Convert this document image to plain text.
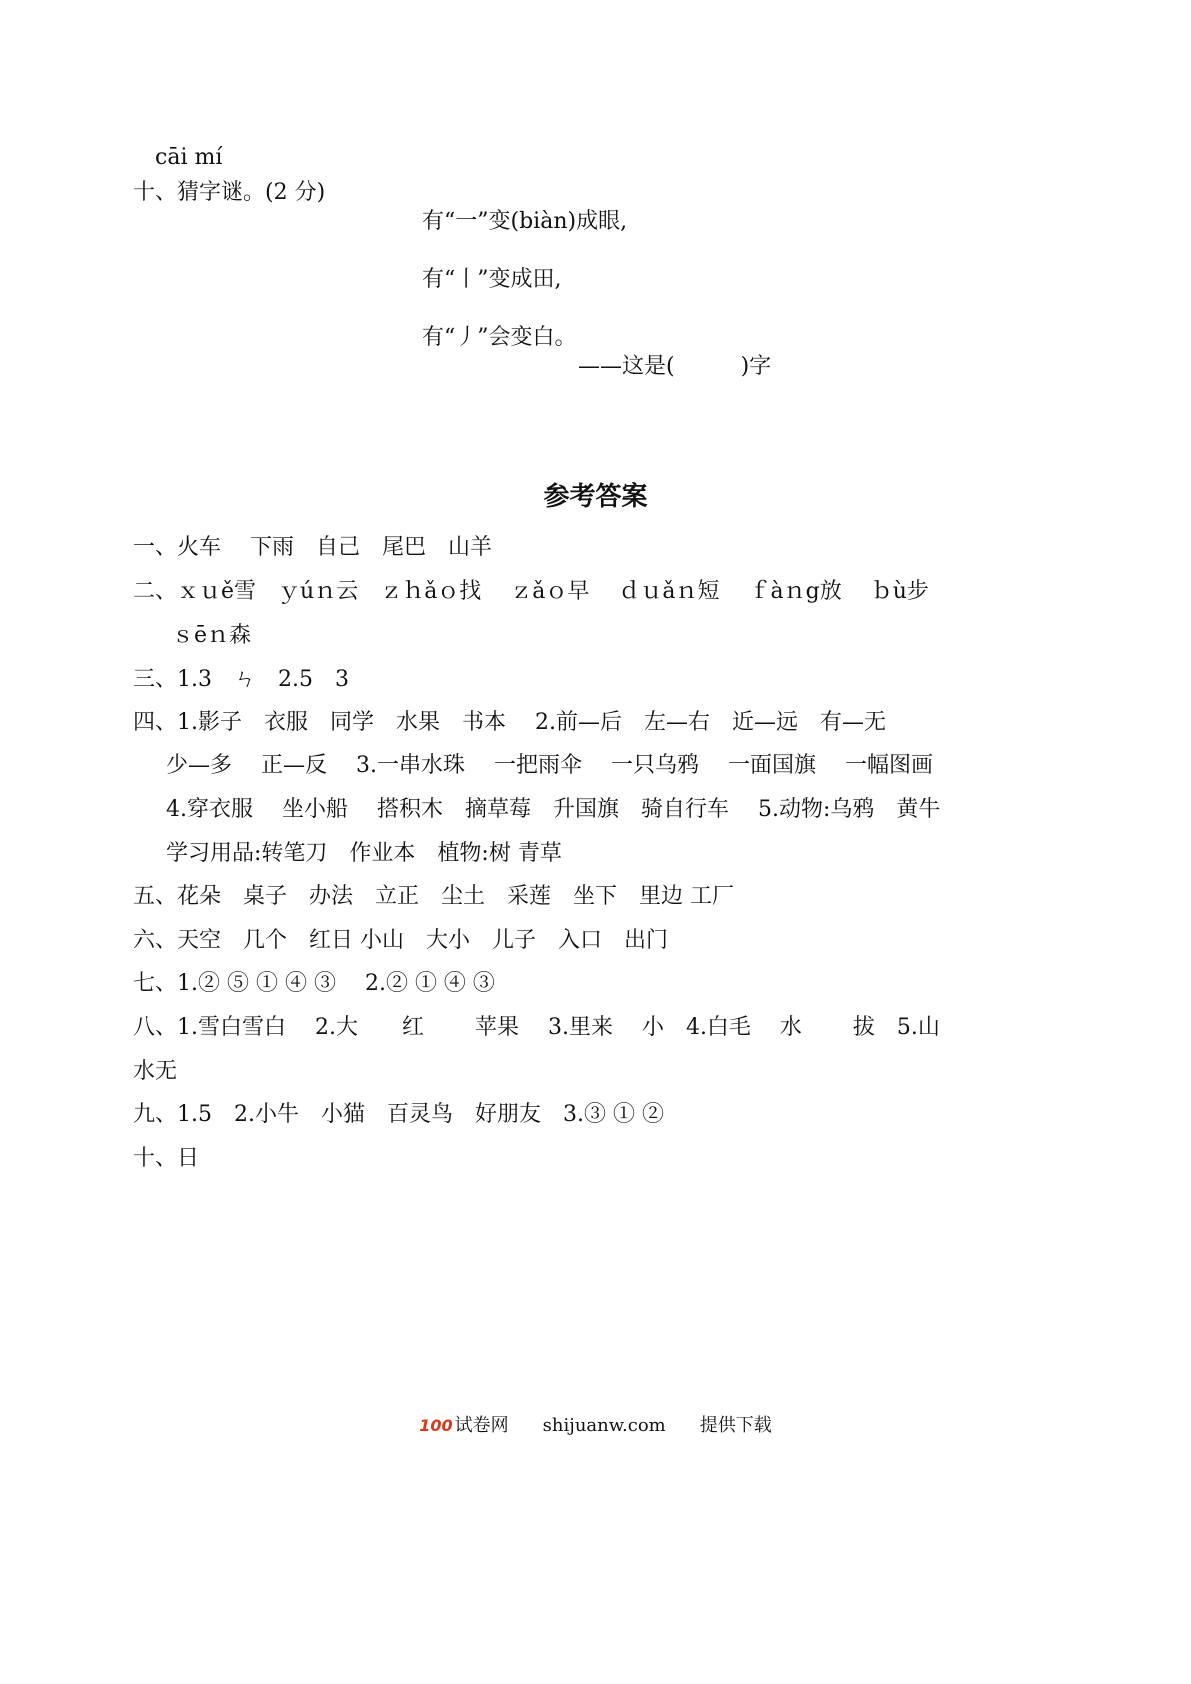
cāi mí
十、猜字谜。(2 分)
有“一”变(biàn)成眼,
有“丨”变成田,
有“丿”会变白。
——这是(　　　)字
参考答案
一、火车　 下雨　自己　尾巴　山羊
二、ｘｕě雪　ｙúｎ云　ｚｈǎｏ找　 ｚǎｏ早　 ｄｕǎｎ短　 ｆàｎg放　 ｂù步
ｓēｎ森
三、1.3　ㄣ　2.5　3
四、1.影子　衣服　同学　水果　书本　 2.前—后　左—右　近—远　有—无
少—多　 正—反　 3.一串水珠　 一把雨伞　 一只乌鸦　 一面国旗　 一幅图画
4.穿衣服　 坐小船　 搭积木　摘草莓　升国旗　骑自行车　 5.动物:乌鸦　黄牛
学习用品:转笔刀　作业本　植物:树 青草
五、花朵　桌子　办法　立正　尘土　采莲　坐下　里边 工厂
六、天空　几个　红日 小山　大小　儿子　入口　出门
七、1.② ⑤ ① ④ ③　 2.② ① ④ ③
八、1.雪白雪白　 2.大　　红　　 苹果　 3.里来　 小　4.白毛　 水　　 拔　5.山
水无
九、1.5　2.小牛　小猫　百灵鸟　好朋友　3.③ ① ②
十、日
100 试卷网 shijuanw.com 提供下载
